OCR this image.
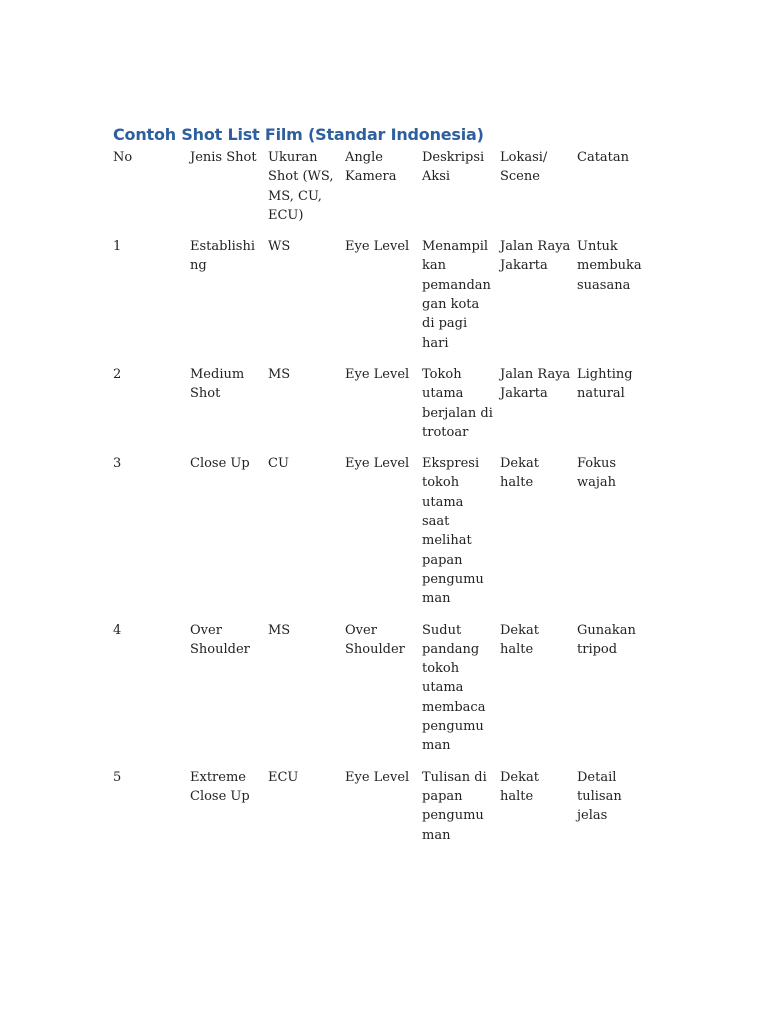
Contoh Shot List Film (Standar Indonesia)
No	Jenis Shot	Ukuran Shot (WS, MS, CU, ECU)	Angle Kamera	Deskripsi Aksi	Lokasi/ Scene	Catatan
1	Establishing	WS	Eye Level	Menampilkan pemandangan kota di pagi hari	Jalan Raya Jakarta	Untuk membuka suasana
2	Medium Shot	MS	Eye Level	Tokoh utama berjalan di trotoar	Jalan Raya Jakarta	Lighting natural
3	Close Up	CU	Eye Level	Ekspresi tokoh utama saat melihat papan pengumuman	Dekat halte	Fokus wajah
4	Over Shoulder	MS	Over Shoulder	Sudut pandang tokoh utama membaca pengumuman	Dekat halte	Gunakan tripod
5	Extreme Close Up	ECU	Eye Level	Tulisan di papan pengumuman	Dekat halte	Detail tulisan jelas
